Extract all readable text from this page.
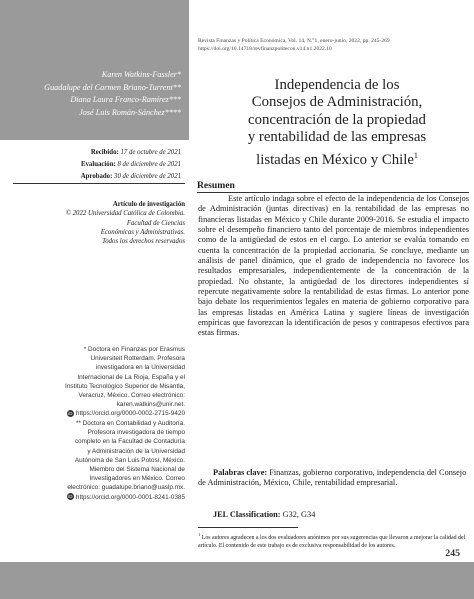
Karen Watkins-Fassler*
Guadalupe del Carmen Briano-Turrent**
Diana Laura Franco-Ramírez***
José Luis Román-Sánchez****
Revista Finanzas y Política Económica, Vol. 14, N.°1, enero-junio, 2022, pp. 245-269
https://doi.org/10.14718/revfinanzpolitecon.v14.n1.2022.10
Independencia de los
Consejos de Administración,
concentración de la propiedad
y rentabilidad de las empresas
listadas en México y Chile$^1$
Recibido: 17 de octubre de 2021
Evaluación: 8 de diciembre de 2021
Aprobado: 30 de diciembre de 2021
Artículo de investigación
© 2022 Universidad Católica de Colombia.
Facultad de Ciencias
Económicas y Administrativas.
Todos los derechos reservados
* Doctora en Finanzas por Erasmus
Universiteit Rotterdam. Profesora
investigadora en la Universidad
Internacional de La Rioja, España y el
Instituto Tecnológico Superior de Misantla,
Veracruz, México. Correo electrónico:
karen.watkins@unir.net.
iD https://orcid.org/0000-0002-2715-9420
** Doctora en Contabilidad y Auditoría.
Profesora investigadora de tiempo
completo en la Facultad de Contaduría
y Administración de la Universidad
Autónoma de San Luis Potosí, México.
Miembro del Sistema Nacional de
Investigadores en México. Correo
electrónico: guadalupe.briano@uaslp.mx.
iD https://orcid.org/0000-0001-8241-0385
Resumen

Este artículo indaga sobre el efecto de la independencia de los Consejos de Administración (juntas directivas) en la rentabilidad de las empresas no financieras listadas en México y Chile durante 2009-2016. Se estudia el impacto sobre el desempeño financiero tanto del porcentaje de miembros independientes como de la antigüedad de estos en el cargo. Lo anterior se evalúa tomando en cuenta la concentración de la propiedad accionaria. Se concluye, mediante un análisis de panel dinámico, que el grado de independencia no favorece los resultados empresariales, independientemente de la concentración de la propiedad. No obstante, la antigüedad de los directores independientes sí repercute negativamente sobre la rentabilidad de estas firmas. Lo anterior pone bajo debate los requerimientos legales en materia de gobierno corporativo para las empresas listadas en América Latina y sugiere líneas de investigación empíricas que favorezcan la identificación de pesos y contrapesos efectivos para estas firmas.

Palabras clave: Finanzas, gobierno corporativo, independencia del Consejo de Administración, México, Chile, rentabilidad empresarial.

JEL Classification: G32, G34
$^1$ Los autores agradecen a los dos evaluadores anónimos por sus sugerencias que llevaron a mejorar la calidad del artículo. El contenido de este trabajo es de exclusiva responsabilidad de los autores.
245
